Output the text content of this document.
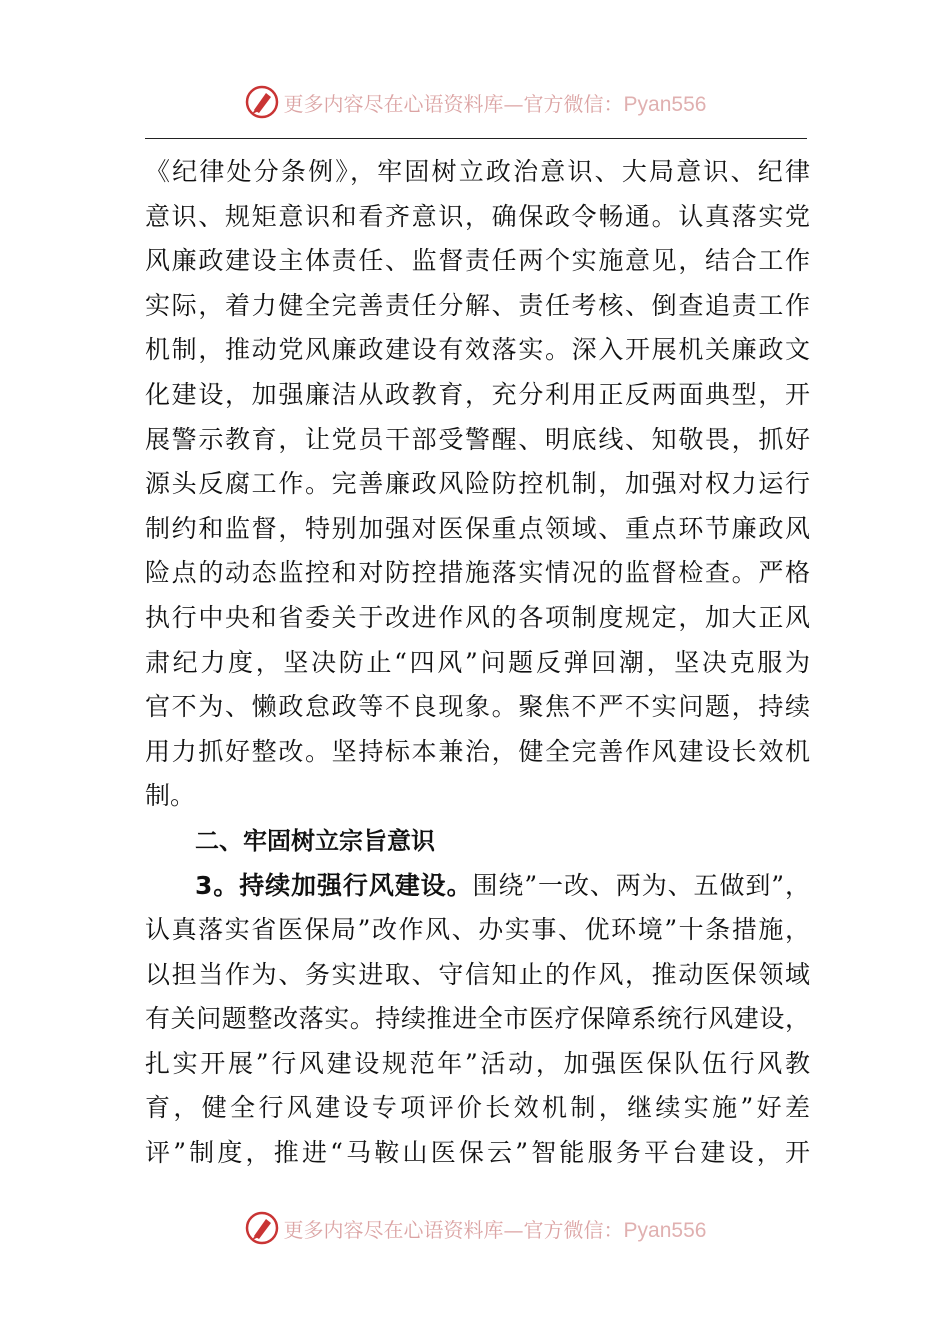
更多内容尽在心语资料库—官方微信：Pyan556
《纪律处分条例》，牢固树立政治意识、大局意识、纪律
意识、规矩意识和看齐意识，确保政令畅通。认真落实党
风廉政建设主体责任、监督责任两个实施意见，结合工作
实际，着力健全完善责任分解、责任考核、倒查追责工作
机制，推动党风廉政建设有效落实。深入开展机关廉政文
化建设，加强廉洁从政教育，充分利用正反两面典型，开
展警示教育，让党员干部受警醒、明底线、知敬畏，抓好
源头反腐工作。完善廉政风险防控机制，加强对权力运行
制约和监督，特别加强对医保重点领域、重点环节廉政风
险点的动态监控和对防控措施落实情况的监督检查。严格
执行中央和省委关于改进作风的各项制度规定，加大正风
肃纪力度，坚决防止“四风”问题反弹回潮，坚决克服为
官不为、懒政怠政等不良现象。聚焦不严不实问题，持续
用力抓好整改。坚持标本兼治，健全完善作风建设长效机
制。
二、牢固树立宗旨意识
3。持续加强行风建设。围绕”一改、两为、五做到”，
认真落实省医保局”改作风、办实事、优环境”十条措施，
以担当作为、务实进取、守信知止的作风，推动医保领域
有关问题整改落实。持续推进全市医疗保障系统行风建设，
扎实开展”行风建设规范年”活动，加强医保队伍行风教
育，健全行风建设专项评价长效机制，继续实施”好差
评”制度，推进“马鞍山医保云”智能服务平台建设，开
更多内容尽在心语资料库—官方微信：Pyan556
